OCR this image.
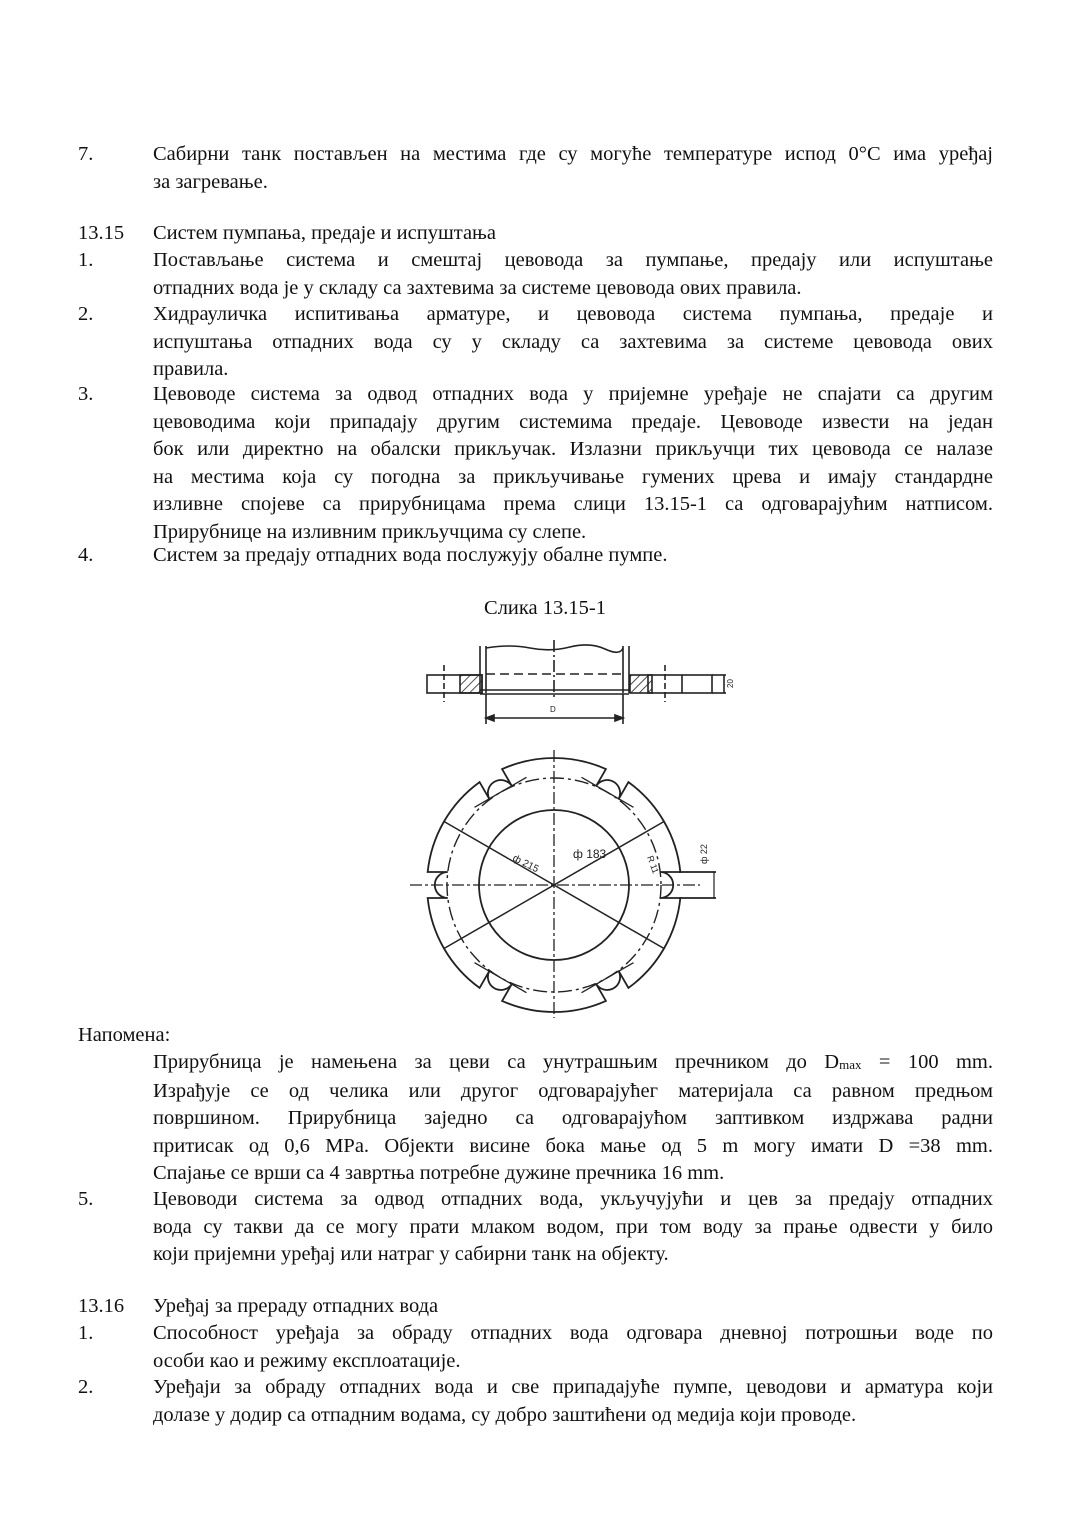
7.	Сабирни танк постављен на местима где су могуће температуре испод 0°C има уређај
за загревање.
13.15	Систем пумпања, предаје и испуштања
1.	Постављање система и смештај цевовода за пумпање, предају или испуштање
отпадних вода је у складу са захтевима за системе цевовода ових правила.
2.	Хидрауличка испитивања арматуре, и цевовода система пумпања, предаје и
испуштања отпадних вода су у складу са захтевима за системе цевовода ових
правила.
3.	Цевоводе система за одвод отпадних вода у пријемне уређаје не спајати са другим
цевоводима који припадају другим системима предаје. Цевоводе извести на један
бок или директно на обалски прикључак. Излазни прикључци тих цевовода се налазе
на местима која су погодна за прикључивање гумених црева и имају стандардне
изливне спојеве са прирубницама према слици 13.15-1 са одговарајућим натписом.
Прирубнице на изливним прикључцима су слепе.
4.	Систем за предају отпадних вода послужују обалне пумпе.
Слика 13.15-1
D
20
ф 215	ф 183
R 11
ф 22
Напомена:
Прирубница је намењена за цеви са унутрашњим пречником до $D_{max} = 100$ mm.
Израђује се од челика или другог одговарајућег материјала са равном предњом
површином. Прирубница заједно са одговарајућом заптивком издржава радни
притисак од 0,6 MPa. Објекти висине бока мање од 5 m могу имати D =38 mm.
Спајање се врши са 4 завртња потребне дужине пречника 16 mm.
5.	Цевоводи система за одвод отпадних вода, укључујући и цев за предају отпадних
вода су такви да се могу прати млаком водом, при том воду за прање одвести у било
који пријемни уређај или натраг у сабирни танк на објекту.
13.16	Уређај за прераду отпадних вода
1.	Способност уређаја за обраду отпадних вода одговара дневној потрошњи воде по
особи као и режиму експлоатације.
2.	Уређаји за обраду отпадних вода и све припадајуће пумпе, цеводови и арматура који
долазе у додир са отпадним водама, су добро заштићени од медија који проводе.
